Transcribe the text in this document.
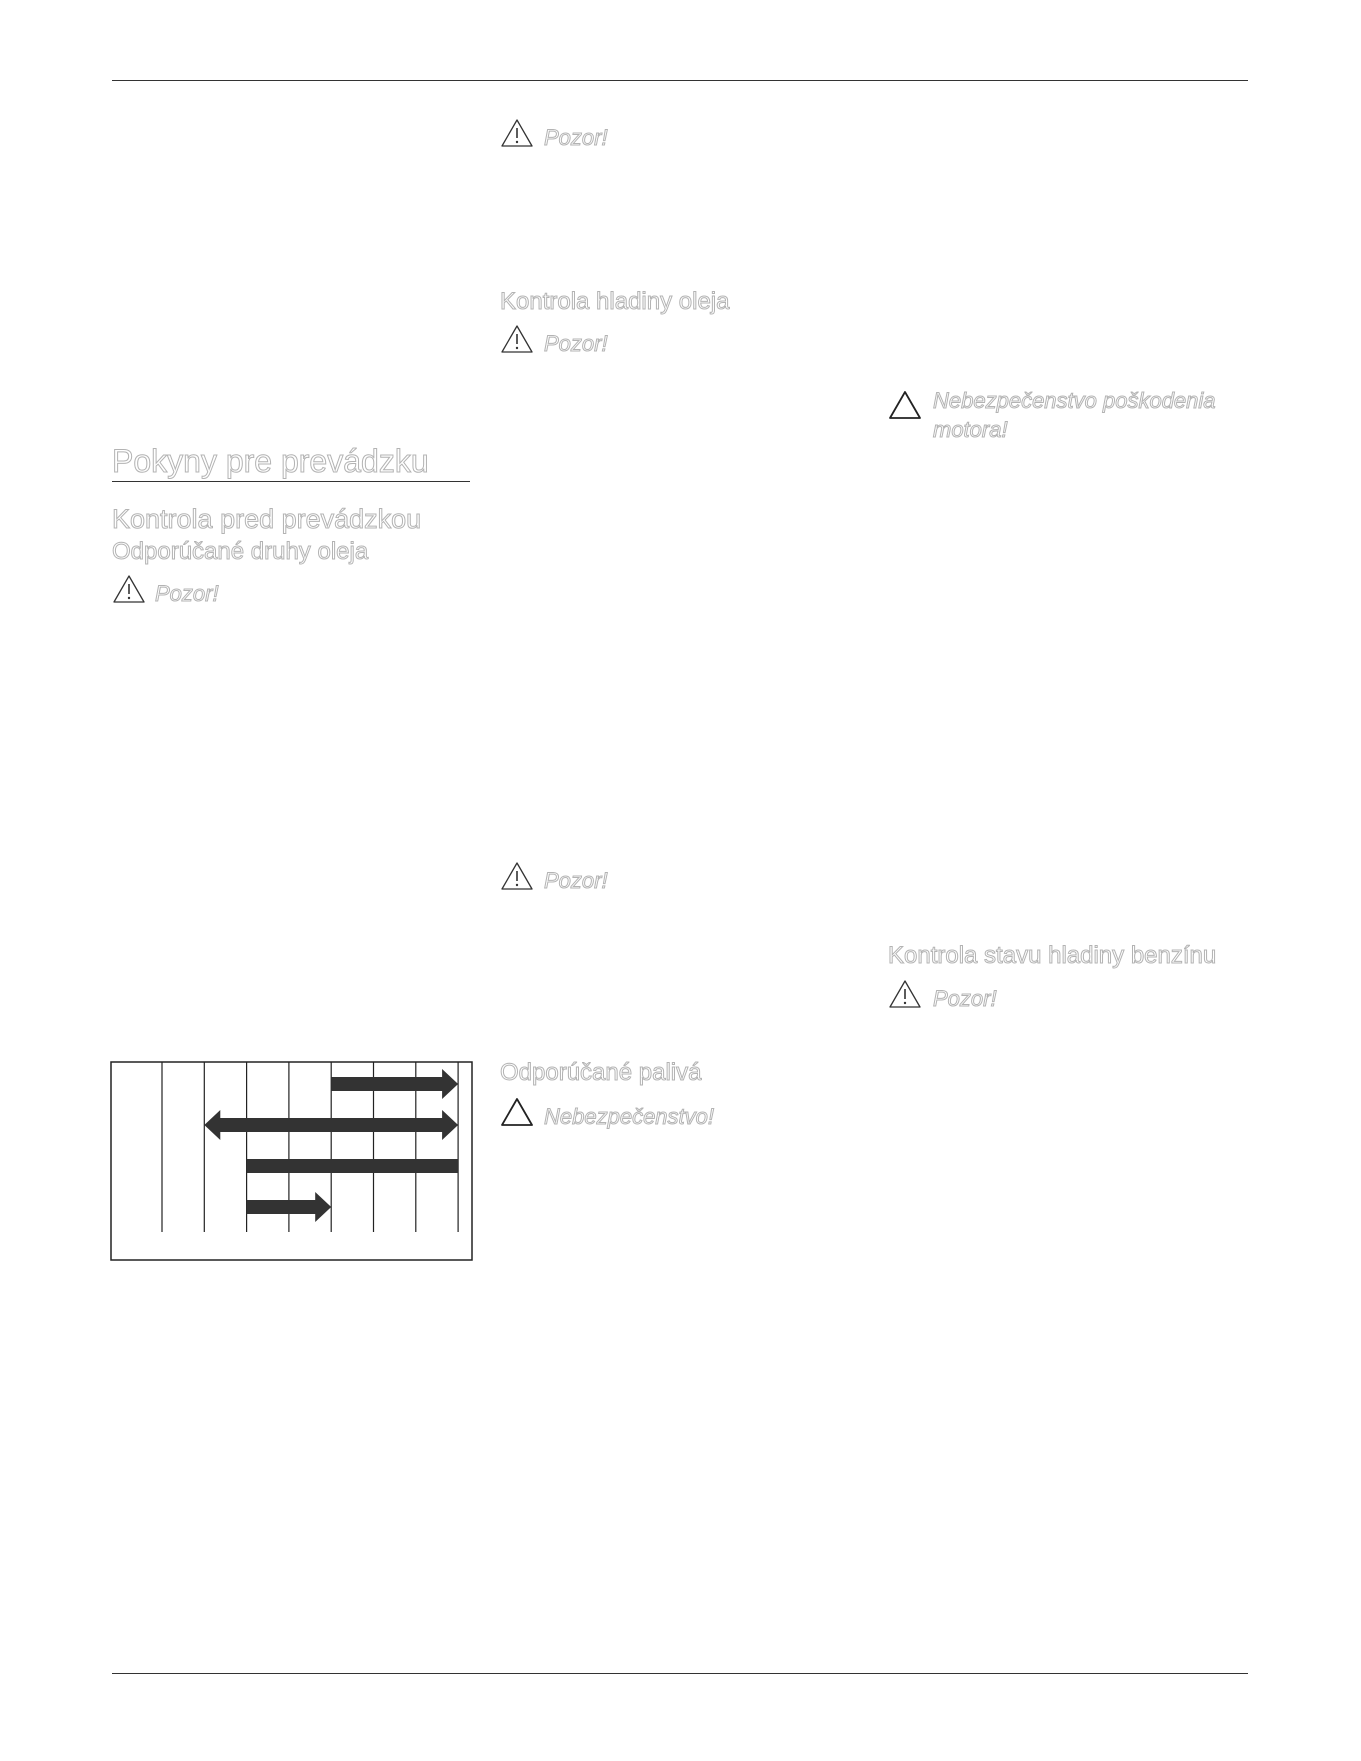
Pokyny pre prevádzku
Kontrola pred prevádzkou
Odporúčané druhy oleja
Pozor!
Pozor!
Kontrola hladiny oleja
Pozor!
Pozor!
Odporúčané palivá
Nebezpečenstvo!
Nebezpečenstvo poškodenia
motora!
Kontrola stavu hladiny benzínu
Pozor!
